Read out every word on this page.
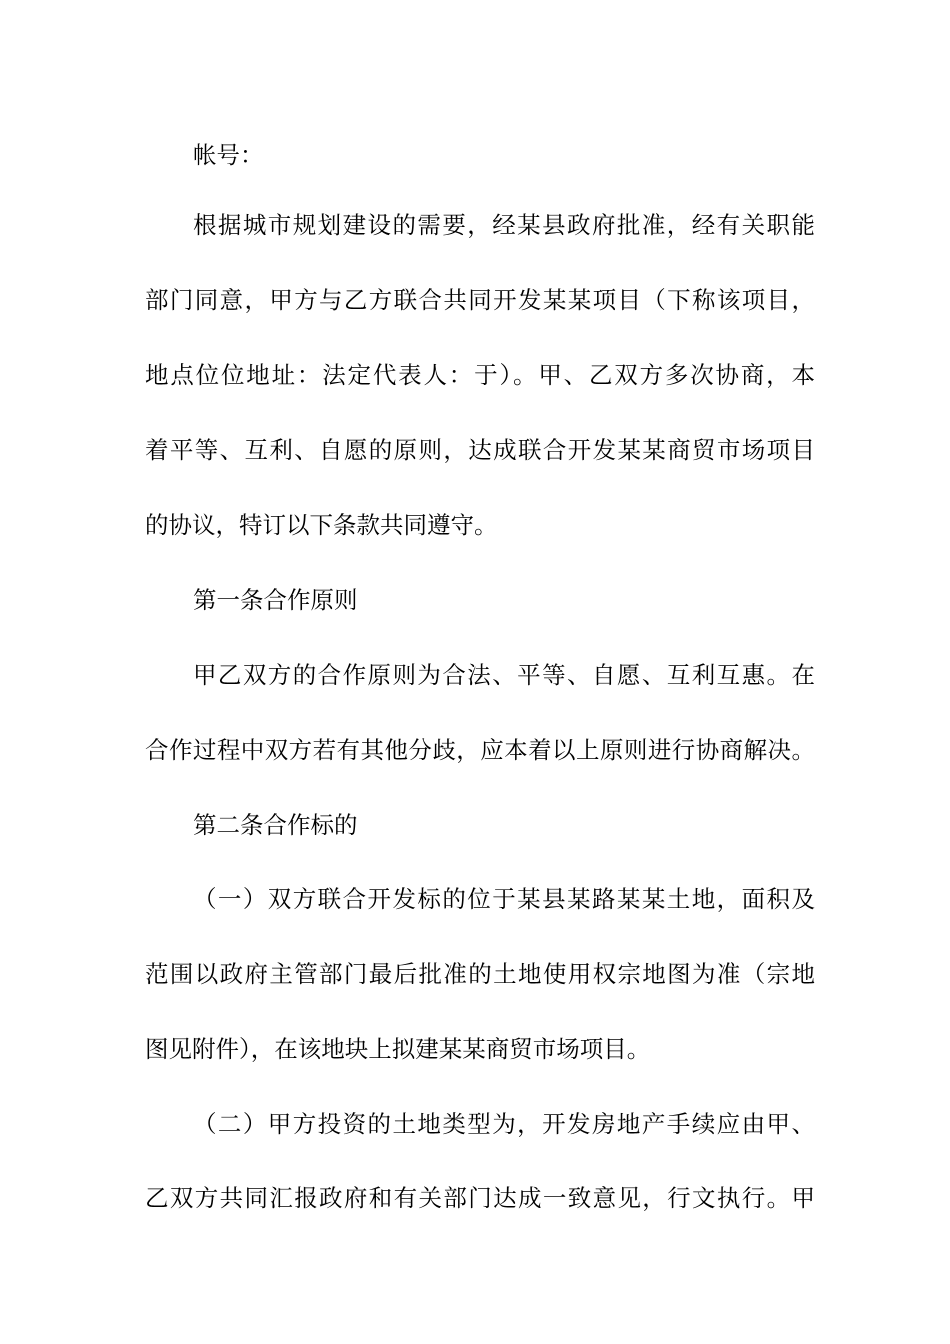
帐号：
根据城市规划建设的需要，经某县政府批准，经有关职能
部门同意，甲方与乙方联合共同开发某某项目（下称该项目，
地点位位地址：法定代表人：于）。甲、乙双方多次协商，本
着平等、互利、自愿的原则，达成联合开发某某商贸市场项目
的协议，特订以下条款共同遵守。
第一条合作原则
甲乙双方的合作原则为合法、平等、自愿、互利互惠。在
合作过程中双方若有其他分歧，应本着以上原则进行协商解决。
第二条合作标的
（一）双方联合开发标的位于某县某路某某土地，面积及
范围以政府主管部门最后批准的土地使用权宗地图为准（宗地
图见附件），在该地块上拟建某某商贸市场项目。
（二）甲方投资的土地类型为，开发房地产手续应由甲、
乙双方共同汇报政府和有关部门达成一致意见，行文执行。甲
